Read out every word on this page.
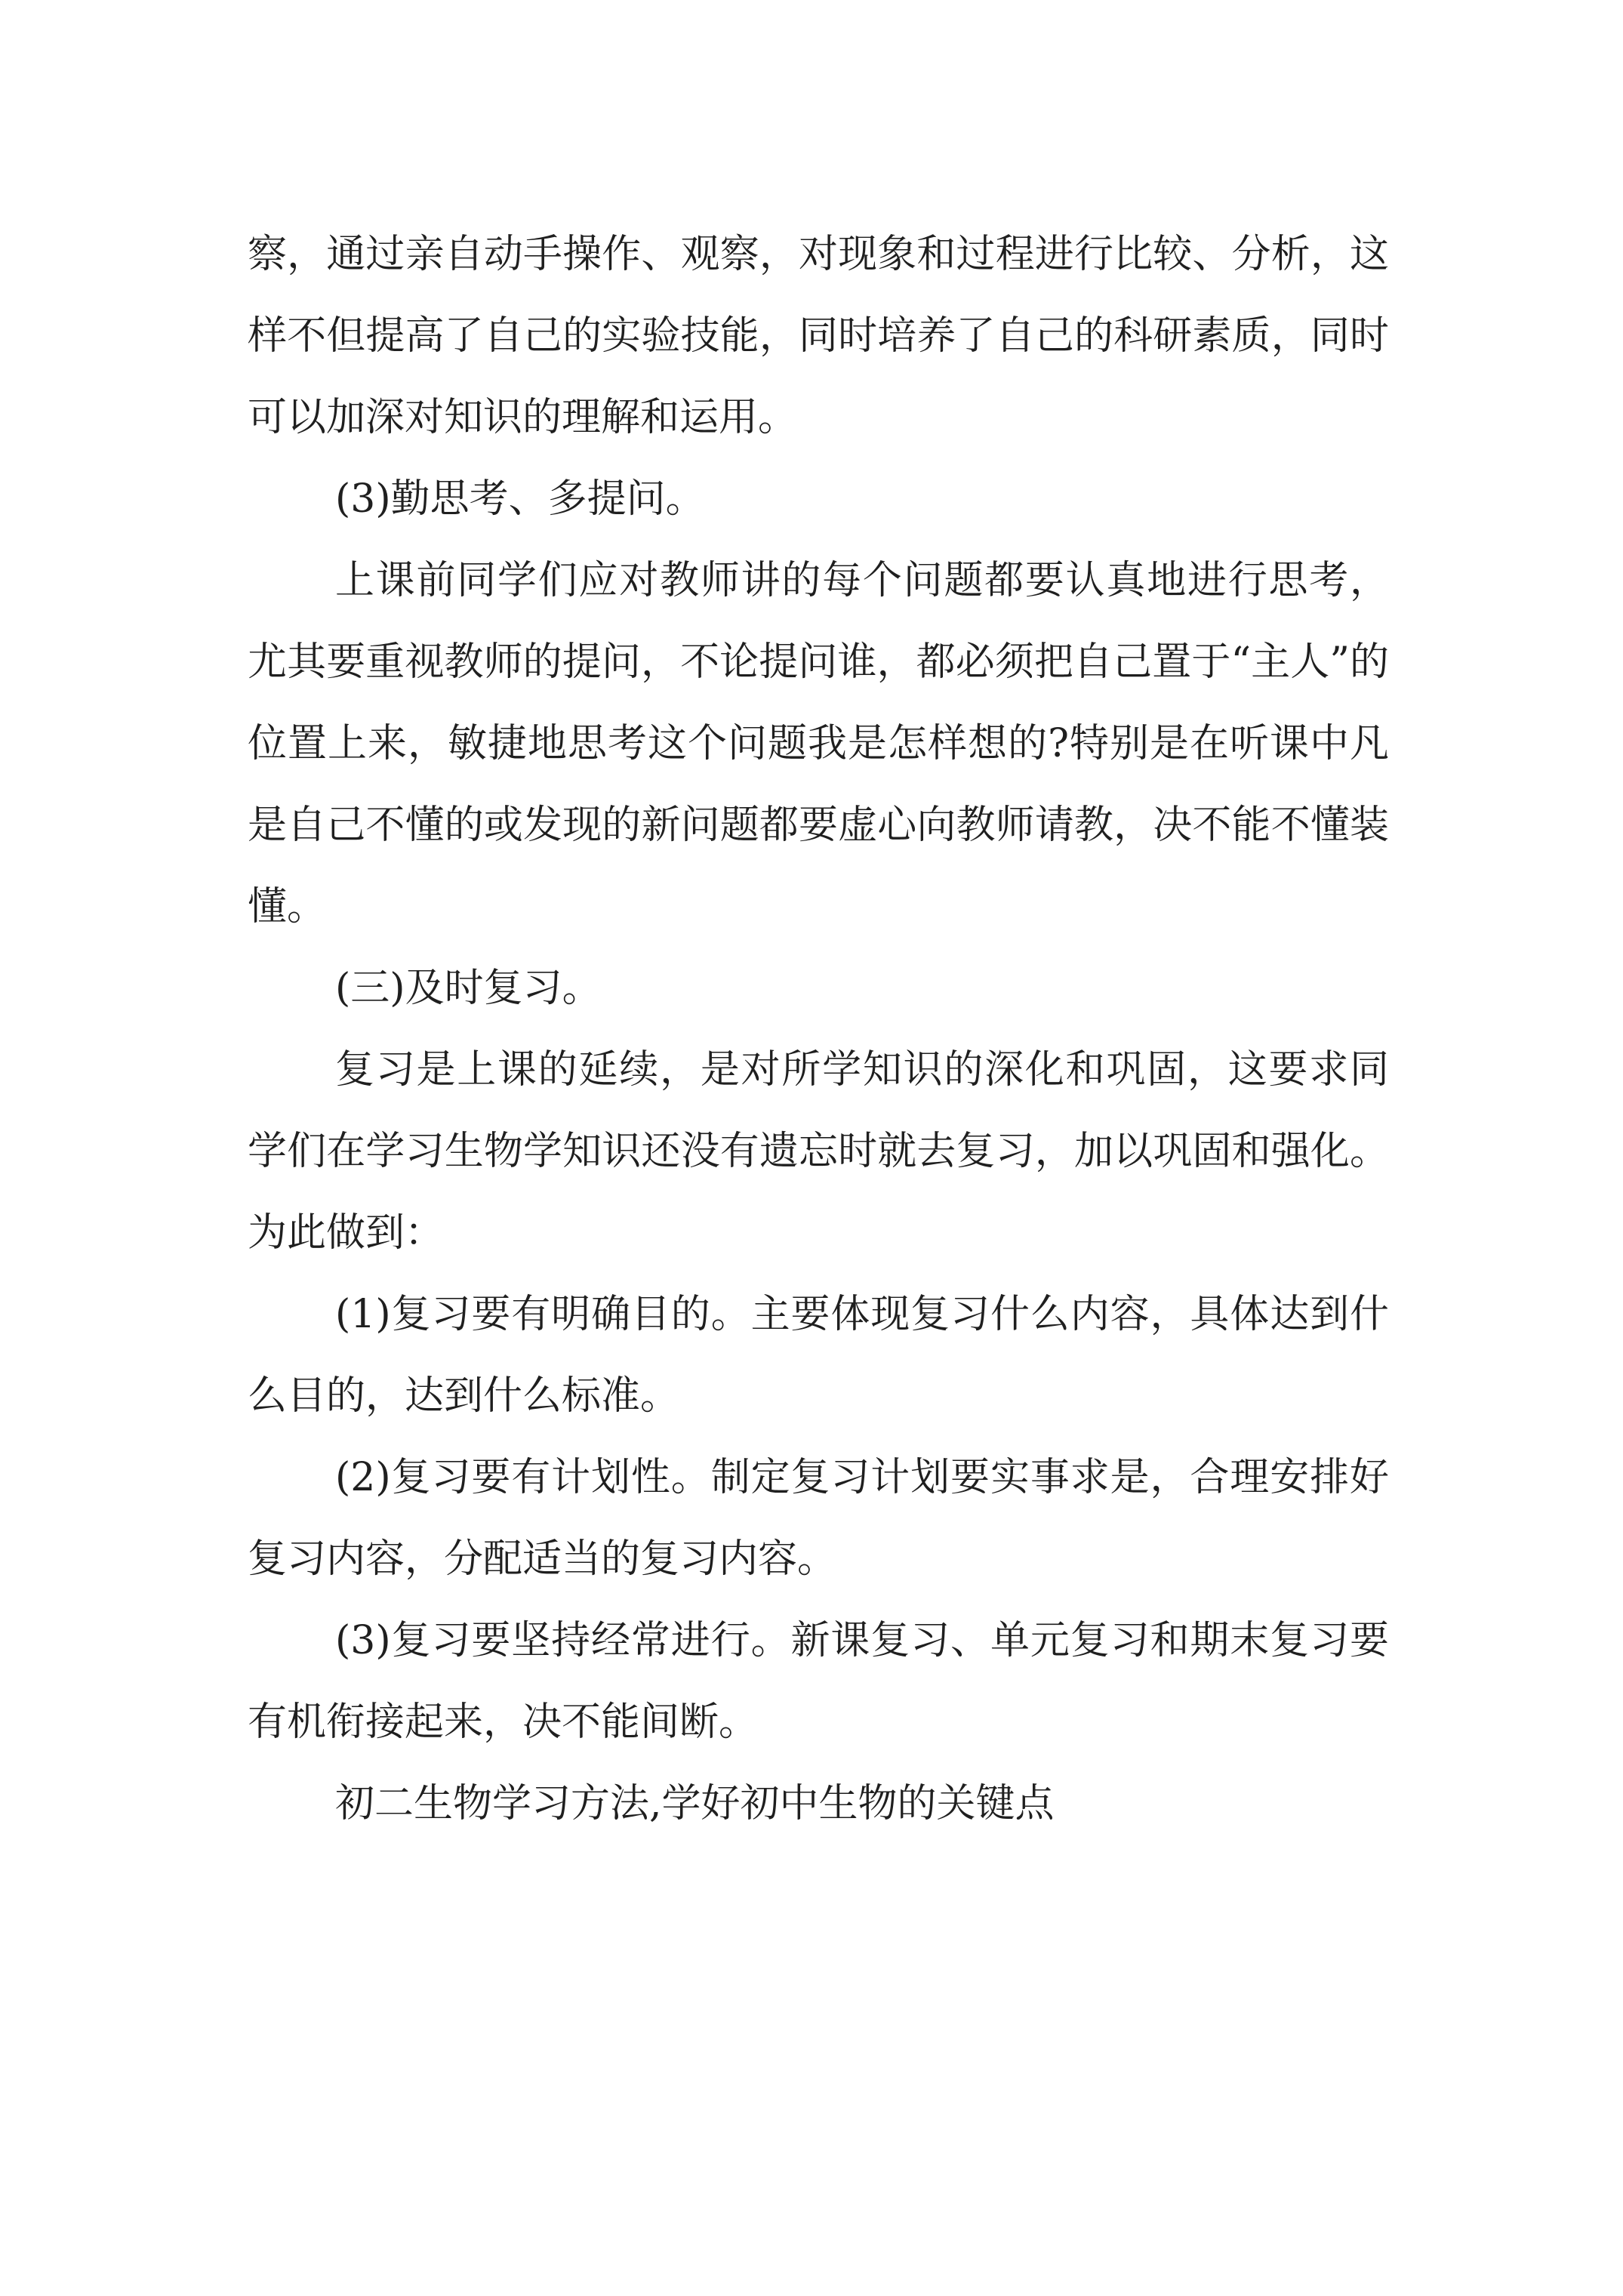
察，通过亲自动手操作、观察，对现象和过程进行比较、分析，这样不但提高了自己的实验技能，同时培养了自己的科研素质，同时可以加深对知识的理解和运用。

(3)勤思考、多提问。

上课前同学们应对教师讲的每个问题都要认真地进行思考，尤其要重视教师的提问，不论提问谁，都必须把自己置于“主人”的位置上来，敏捷地思考这个问题我是怎样想的?特别是在听课中凡是自己不懂的或发现的新问题都要虚心向教师请教，决不能不懂装懂。

(三)及时复习。

复习是上课的延续，是对所学知识的深化和巩固，这要求同学们在学习生物学知识还没有遗忘时就去复习，加以巩固和强化。为此做到：

(1)复习要有明确目的。主要体现复习什么内容，具体达到什么目的，达到什么标准。

(2)复习要有计划性。制定复习计划要实事求是，合理安排好复习内容，分配适当的复习内容。

(3)复习要坚持经常进行。新课复习、单元复习和期末复习要有机衔接起来，决不能间断。

初二生物学习方法,学好初中生物的关键点
